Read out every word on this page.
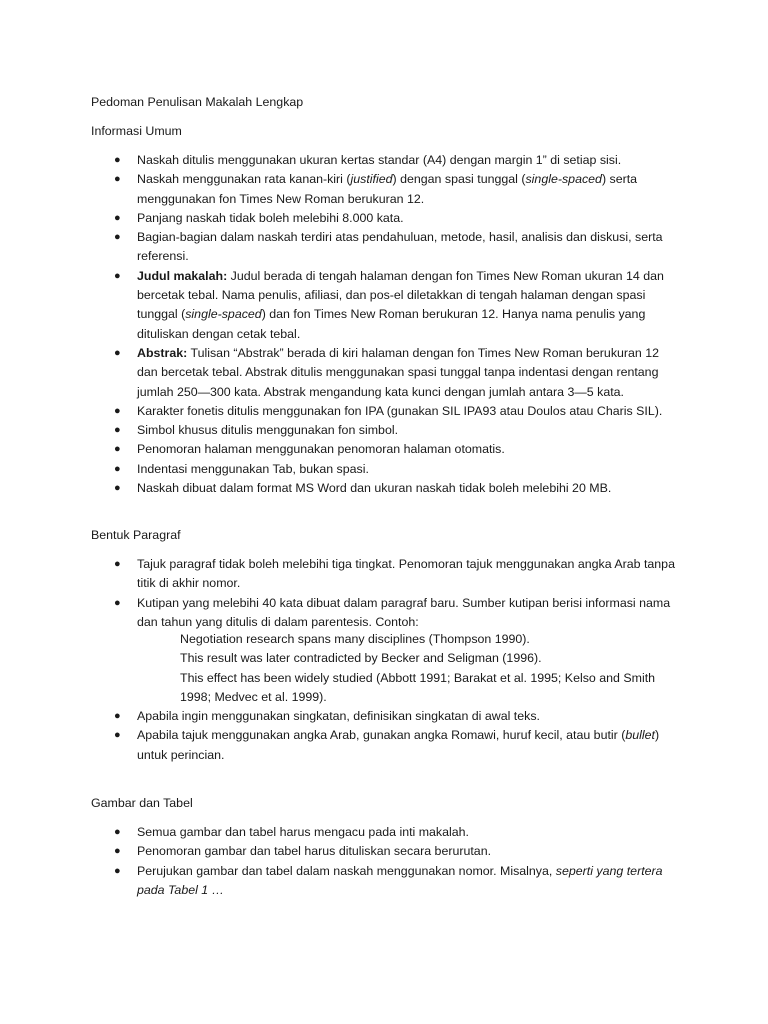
Pedoman Penulisan Makalah Lengkap
Informasi Umum
● Naskah ditulis menggunakan ukuran kertas standar (A4) dengan margin 1” di setiap sisi.
● Naskah menggunakan rata kanan-kiri (justified) dengan spasi tunggal (single-spaced) serta menggunakan fon Times New Roman berukuran 12.
● Panjang naskah tidak boleh melebihi 8.000 kata.
● Bagian-bagian dalam naskah terdiri atas pendahuluan, metode, hasil, analisis dan diskusi, serta referensi.
● Judul makalah: Judul berada di tengah halaman dengan fon Times New Roman ukuran 14 dan bercetak tebal. Nama penulis, afiliasi, dan pos-el diletakkan di tengah halaman dengan spasi tunggal (single-spaced) dan fon Times New Roman berukuran 12. Hanya nama penulis yang dituliskan dengan cetak tebal.
● Abstrak: Tulisan “Abstrak” berada di kiri halaman dengan fon Times New Roman berukuran 12 dan bercetak tebal. Abstrak ditulis menggunakan spasi tunggal tanpa indentasi dengan rentang jumlah 250—300 kata. Abstrak mengandung kata kunci dengan jumlah antara 3—5 kata.
● Karakter fonetis ditulis menggunakan fon IPA (gunakan SIL IPA93 atau Doulos atau Charis SIL).
● Simbol khusus ditulis menggunakan fon simbol.
● Penomoran halaman menggunakan penomoran halaman otomatis.
● Indentasi menggunakan Tab, bukan spasi.
● Naskah dibuat dalam format MS Word dan ukuran naskah tidak boleh melebihi 20 MB.
Bentuk Paragraf
● Tajuk paragraf tidak boleh melebihi tiga tingkat. Penomoran tajuk menggunakan angka Arab tanpa titik di akhir nomor.
● Kutipan yang melebihi 40 kata dibuat dalam paragraf baru. Sumber kutipan berisi informasi nama dan tahun yang ditulis di dalam parentesis. Contoh:
Negotiation research spans many disciplines (Thompson 1990).
This result was later contradicted by Becker and Seligman (1996).
This effect has been widely studied (Abbott 1991; Barakat et al. 1995; Kelso and Smith
1998; Medvec et al. 1999).
● Apabila ingin menggunakan singkatan, definisikan singkatan di awal teks.
● Apabila tajuk menggunakan angka Arab, gunakan angka Romawi, huruf kecil, atau butir (bullet) untuk perincian.
Gambar dan Tabel
● Semua gambar dan tabel harus mengacu pada inti makalah.
● Penomoran gambar dan tabel harus dituliskan secara berurutan.
● Perujukan gambar dan tabel dalam naskah menggunakan nomor. Misalnya, seperti yang tertera pada Tabel 1 …
